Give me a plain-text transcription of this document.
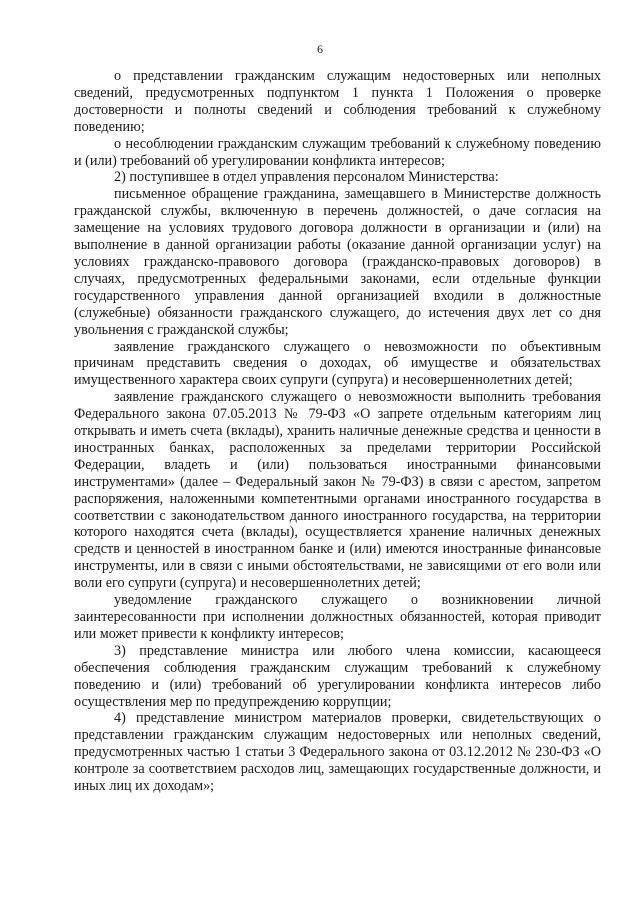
6

о представлении гражданским служащим недостоверных или неполных сведений, предусмотренных подпунктом 1 пункта 1 Положения о проверке достоверности и полноты сведений и соблюдения требований к служебному поведению;

о несоблюдении гражданским служащим требований к служебному поведению и (или) требований об урегулировании конфликта интересов;

2) поступившее в отдел управления персоналом Министерства:

письменное обращение гражданина, замещавшего в Министерстве должность гражданской службы, включенную в перечень должностей, о даче согласия на замещение на условиях трудового договора должности в организации и (или) на выполнение в данной организации работы (оказание данной организации услуг) на условиях гражданско-правового договора (гражданско-правовых договоров) в случаях, предусмотренных федеральными законами, если отдельные функции государственного управления данной организацией входили в должностные (служебные) обязанности гражданского служащего, до истечения двух лет со дня увольнения с гражданской службы;

заявление гражданского служащего о невозможности по объективным причинам представить сведения о доходах, об имуществе и обязательствах имущественного характера своих супруги (супруга) и несовершеннолетних детей;

заявление гражданского служащего о невозможности выполнить требования Федерального закона 07.05.2013 № 79-ФЗ «О запрете отдельным категориям лиц открывать и иметь счета (вклады), хранить наличные денежные средства и ценности в иностранных банках, расположенных за пределами территории Российской Федерации, владеть и (или) пользоваться иностранными финансовыми инструментами» (далее – Федеральный закон № 79-ФЗ) в связи с арестом, запретом распоряжения, наложенными компетентными органами иностранного государства в соответствии с законодательством данного иностранного государства, на территории которого находятся счета (вклады), осуществляется хранение наличных денежных средств и ценностей в иностранном банке и (или) имеются иностранные финансовые инструменты, или в связи с иными обстоятельствами, не зависящими от его воли или воли его супруги (супруга) и несовершеннолетних детей;

уведомление гражданского служащего о возникновении личной заинтересованности при исполнении должностных обязанностей, которая приводит или может привести к конфликту интересов;

3) представление министра или любого члена комиссии, касающееся обеспечения соблюдения гражданским служащим требований к служебному поведению и (или) требований об урегулировании конфликта интересов либо осуществления мер по предупреждению коррупции;

4) представление министром материалов проверки, свидетельствующих о представлении гражданским служащим недостоверных или неполных сведений, предусмотренных частью 1 статьи 3 Федерального закона от 03.12.2012 № 230-ФЗ «О контроле за соответствием расходов лиц, замещающих государственные должности, и иных лиц их доходам»;
